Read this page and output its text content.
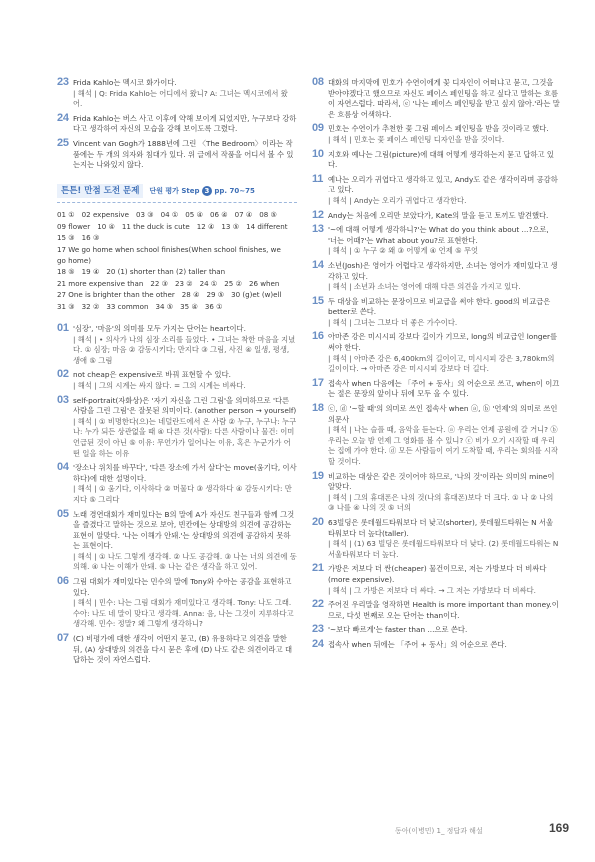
23 Frida Kahlo는 멕시코 화가이다.
| 해석 | Q: Frida Kahlo는 어디에서 왔니? A: 그녀는 멕시코에서 왔어.
24 Frida Kahlo는 버스 사고 이후에 약해 보이게 되었지만, 누구보다 강하다고 생각하여 자신의 모습을 강해 보이도록 그렸다.
25 Vincent van Gogh가 1888년에 그린 〈The Bedroom〉이라는 작품에는 두 개의 의자와 침대가 있다. 위 글에서 작품을 어디서 볼 수 있는지는 나와있지 않다.
튼튼! 만점 도전 문제	단원 평가 Step 3 pp. 70~75
01 ① 02 expensive 03 ③ 04 ① 05 ④ 06 ④ 07 ④ 08 ⑤
09 flower 10 ④ 11 the duck is cute 12 ④ 13 ⑤ 14 different
15 ③ 16 ③
17 We go home when school finishes(When school finishes, we go home)
18 ⑤ 19 ④ 20 (1) shorter than (2) taller than
21 more expensive than 22 ③ 23 ② 24 ① 25 ② 26 when
27 One is brighter than the other 28 ④ 29 ⑤ 30 (g)et (w)ell
31 ③ 32 ② 33 common 34 ⑤ 35 ④ 36 ①
01 '심장', '마음'의 의미를 모두 가지는 단어는 heart이다.
| 해석 | • 의사가 나의 심장 소리를 들었다. • 그녀는 착한 마음을 지녔다. ① 심장; 마음 ② 감동시키다; 만지다 ③ 그림, 사진 ④ 일생, 평생, 생애 ⑤ 그림
02 not cheap은 expensive로 바꿔 표현할 수 있다.
| 해석 | 그의 시계는 싸지 않다. = 그의 시계는 비싸다.
03 self-portrait(자화상)은 '자기 자신을 그린 그림'을 의미하므로 '다른 사람을 그린 그림'은 잘못된 의미이다. (another person → yourself)
| 해석 | ① 비명한다(으)는 네덜란드에서 온 사람 ② 누구, 누구나: 누구나: 누가 되든 상관없을 때 ④ 다른 것(사람): 다른 사람이나 물건: 이미 언급된 것이 아닌 ⑤ 이유: 무언가가 일어나는 이유, 혹은 누군가가 어떤 일을 하는 이유
04 '장소나 위치를 바꾸다', '다른 장소에 가서 살다'는 move(움기다, 이사하다)에 대한 설명이다.
| 해석 | ① 움기다, 이사하다 ② 머물다 ③ 생각하다 ④ 감동시키다: 만지다 ⑤ 그리다
05 노래 경연대회가 재미있다는 B의 말에 A가 자신도 친구들과 함께 그것을 즐겼다고 말하는 것으로 보아, 빈칸에는 상대방의 의견에 공감하는 표현이 알맞다. '나는 이해가 안돼.'는 상대방의 의견에 공감하지 못하는 표현이다.
| 해석 | ① 나도 그렇게 생각해. ② 나도 공감해. ③ 나는 너의 의견에 동의해. ④ 나는 이해가 안돼. ⑤ 나는 같은 생각을 하고 있어.
06 그림 대회가 재미있다는 민수의 말에 Tony와 수아는 공감을 표현하고 있다.
| 해석 | 민수: 나는 그림 대회가 재미있다고 생각해. Tony: 나도 그래. 수아: 나도 네 말이 맞다고 생각해. Anna: 음, 나는 그것이 지루하다고 생각해. 민수: 정말? 왜 그렇게 생각하니?
07 (C) 비평가에 대한 생각이 어떤지 묻고, (B) 유용하다고 의견을 말한 뒤, (A) 상대방의 의견을 다시 묻은 후에 (D) 나도 같은 의견이라고 대답하는 것이 자연스럽다.
08 대화의 마지막에 민호가 수연이에게 꽃 디자인이 어떠냐고 묻고, 그것을 받아야겠다고 했으므로 자신도 페이스 페인팅을 하고 싶다고 말하는 흐름이 자연스럽다. 따라서, ⓔ '나는 페이스 페인팅을 받고 싶지 않아.'라는 말은 흐름상 어색하다.
09 민호는 수연이가 추천한 꽃 그림 페이스 페인팅을 받을 것이라고 했다.
| 해석 | 민호는 꽃 페이스 페인팅 디자인을 받을 것이다.
10 지호와 예나는 그림(picture)에 대해 어떻게 생각하는지 묻고 답하고 있다.
11 예나는 오리가 귀엽다고 생각하고 있고, Andy도 같은 생각이라며 공감하고 있다.
| 해석 | Andy는 오리가 귀엽다고 생각한다.
12 Andy는 처음에 오리만 보았다가, Kate의 말을 듣고 토끼도 발견했다.
13 '~에 대해 어떻게 생각하니?'는 What do you think about ...?으로, '너는 어때?'는 What about you?로 표현한다.
| 해석 | ① 누구 ② 왜 ③ 어떻게 ④ 언제 ⑤ 무엇
14 소년(Josh)은 영어가 어렵다고 생각하지만, 소녀는 영어가 재미있다고 생각하고 있다.
| 해석 | 소년과 소녀는 영어에 대해 다른 의견을 가지고 있다.
15 두 대상을 비교하는 문장이므로 비교급을 써야 한다. good의 비교급은 better로 쓴다.
| 해석 | 그녀는 그보다 더 좋은 가수이다.
16 아마존 강은 미시시피 강보다 길이가 기므로, long의 비교급인 longer를 써야 한다.
| 해석 | 아마존 강은 6,400km의 길이이고, 미시시피 강은 3,780km의 길이이다. → 아마존 강은 미시시피 강보다 더 길다.
17 접속사 when 다음에는 「주어 + 동사」의 어순으로 쓰고, when이 이끄는 절은 문장의 앞이나 뒤에 모두 올 수 있다.
18 ⓒ, ⓓ '~할 때'의 의미로 쓰인 접속사 when ⓐ, ⓑ '언제'의 의미로 쓰인 의문사
| 해석 | 나는 슬플 때, 음악을 듣는다. ⓐ 우리는 언제 공원에 갈 거니? ⓑ 우리는 오늘 밤 언제 그 영화를 볼 수 있니? ⓒ 비가 오기 시작할 때 우리는 집에 가야 한다. ⓓ 모든 사람들이 여기 도착할 때, 우리는 회의를 시작할 것이다.
19 비교하는 대상은 같은 것이어야 하므로, '나의 것'이라는 의미의 mine이 알맞다.
| 해석 | 그의 휴대폰은 나의 것(나의 휴대폰)보다 더 크다. ① 나 ② 나의 ③ 나를 ④ 나의 것 ⑤ 너의
20 63빌딩은 롯데월드타워보다 더 낮고(shorter), 롯데월드타워는 N 서울타워보다 더 높다(taller).
| 해석 | (1) 63 빌딩은 롯데월드타워보다 더 낮다. (2) 롯데월드타워는 N 서울타워보다 더 높다.
21 가방은 저보다 더 싼(cheaper) 물건이므로, 저는 가방보다 더 비싸다(more expensive).
| 해석 | 그 가방은 저보다 더 싸다. → 그 저는 가방보다 더 비싸다.
22 주어진 우리말을 영작하면 Health is more important than money.이므로, 다섯 번째로 오는 단어는 than이다.
23 '~보다 빠르게'는 faster than ...으로 쓴다.
24 접속사 when 뒤에는 「주어 + 동사」의 어순으로 쓴다.
동아(이병민) 1_ 정답과 해설	169
